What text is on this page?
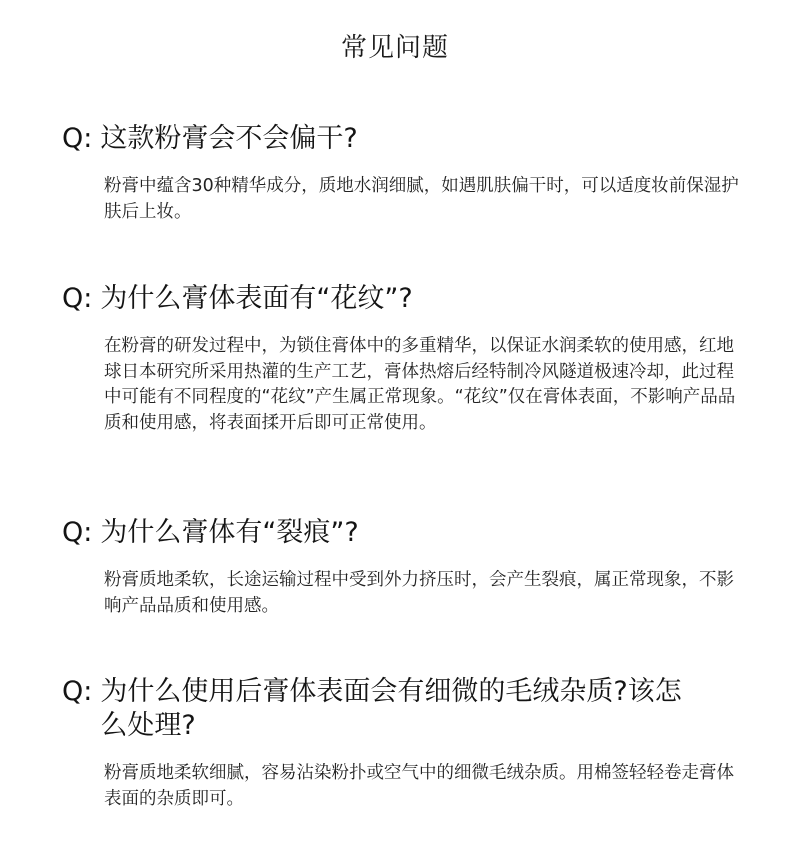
常见问题
Q: 这款粉膏会不会偏干?
粉膏中蕴含30种精华成分，质地水润细腻，如遇肌肤偏干时，可以适度妆前保湿护肤后上妆。
Q: 为什么膏体表面有“花纹”?
在粉膏的研发过程中，为锁住膏体中的多重精华，以保证水润柔软的使用感，红地球日本研究所采用热灌的生产工艺，膏体热熔后经特制冷风隧道极速冷却，此过程中可能有不同程度的“花纹”产生属正常现象。“花纹”仅在膏体表面，不影响产品品质和使用感，将表面揉开后即可正常使用。
Q: 为什么膏体有“裂痕”?
粉膏质地柔软，长途运输过程中受到外力挤压时，会产生裂痕，属正常现象，不影响产品品质和使用感。
Q: 为什么使用后膏体表面会有细微的毛绒杂质?该怎么处理?
粉膏质地柔软细腻，容易沾染粉扑或空气中的细微毛绒杂质。用棉签轻轻卷走膏体表面的杂质即可。
